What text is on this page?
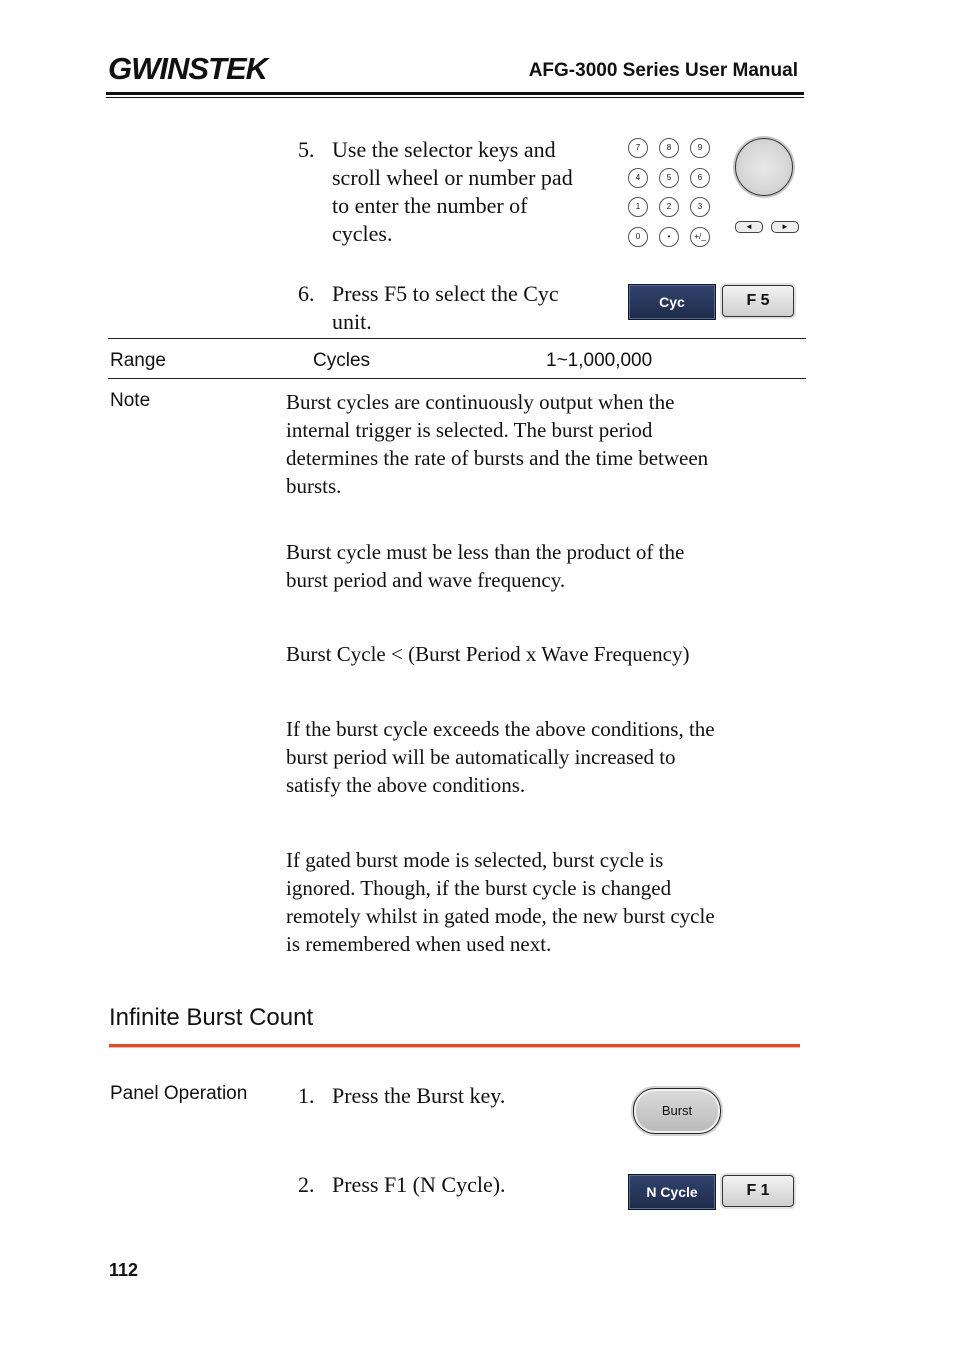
GWINSTEK	AFG-3000 Series User Manual
5. Use the selector keys and
scroll wheel or number pad
to enter the number of
cycles.
7	8	9
4	5	6
1	2	3
0	•	+/_
◄	►
6. Press F5 to select the Cyc
unit.
Cyc	F 5
Range	Cycles	1~1,000,000
Note	Burst cycles are continuously output when the
internal trigger is selected. The burst period
determines the rate of bursts and the time between
bursts.
Burst cycle must be less than the product of the
burst period and wave frequency.
Burst Cycle < (Burst Period x Wave Frequency)
If the burst cycle exceeds the above conditions, the
burst period will be automatically increased to
satisfy the above conditions.
If gated burst mode is selected, burst cycle is
ignored. Though, if the burst cycle is changed
remotely whilst in gated mode, the new burst cycle
is remembered when used next.
Infinite Burst Count
Panel Operation 1. Press the Burst key.
Burst
2. Press F1 (N Cycle).	N Cycle	F 1
112
